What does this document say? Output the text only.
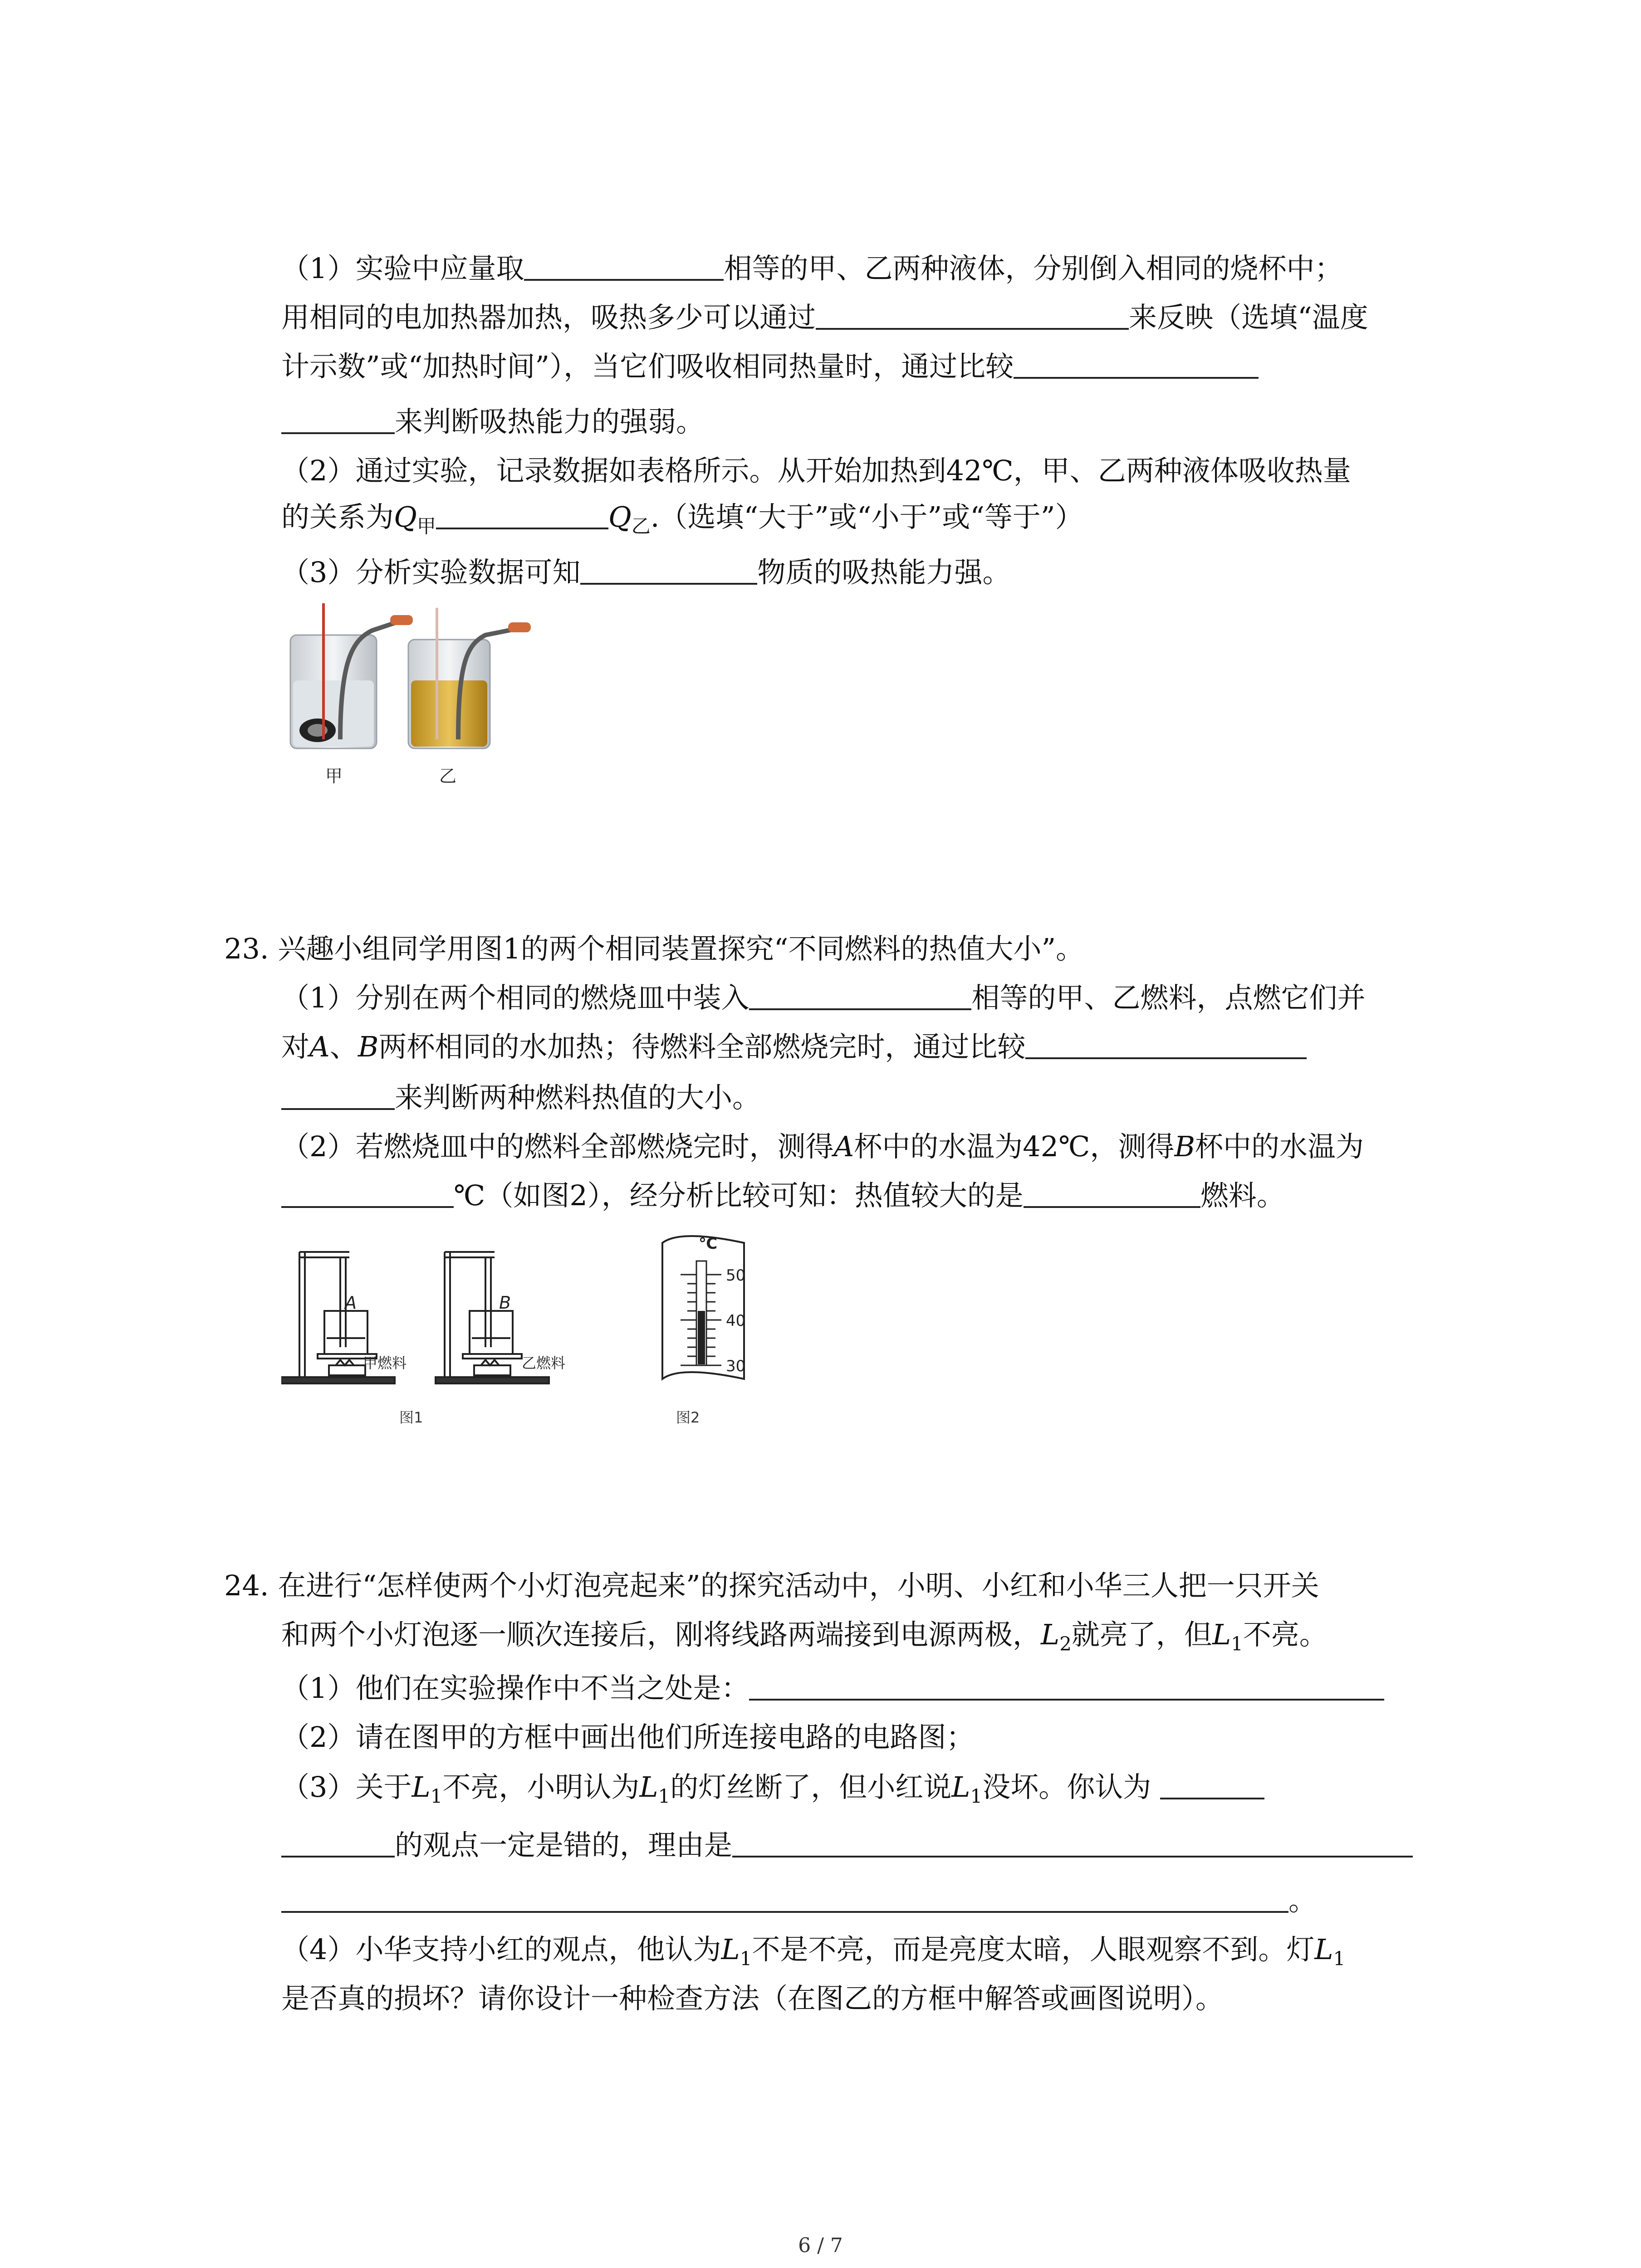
（1）实验中应量取	相等的甲、乙两种液体，分别倒入相同的烧杯中；
用相同的电加热器加热，吸热多少可以通过	来反映（选填“温度
计示数”或“加热时间”），当它们吸收相同热量时，通过比较
来判断吸热能力的强弱。
（2）通过实验，记录数据如表格所示。从开始加热到42℃，甲、乙两种液体吸收热量
的关系为$Q_甲$	$Q_乙$.（选填“大于”或“小于”或“等于”）
（3）分析实验数据可知	物质的吸热能力强。
甲	乙
23. 兴趣小组同学用图1的两个相同装置探究“不同燃料的热值大小”。
（1）分别在两个相同的燃烧皿中装入	相等的甲、乙燃料，点燃它们并
对A、B两杯相同的水加热；待燃料全部燃烧完时，通过比较
来判断两种燃料热值的大小。
（2）若燃烧皿中的燃料全部燃烧完时，测得A杯中的水温为42℃，测得B杯中的水温为
℃（如图2），经分析比较可知：热值较大的是	燃料。
A	B
甲燃料	乙燃料
图1
℃
50
40
30
图2
24. 在进行“怎样使两个小灯泡亮起来”的探究活动中，小明、小红和小华三人把一只开关
和两个小灯泡逐一顺次连接后，刚将线路两端接到电源两极，$L_2$就亮了，但$L_1$不亮。
（1）他们在实验操作中不当之处是：
（2）请在图甲的方框中画出他们所连接电路的电路图；
（3）关于$L_1$不亮，小明认为$L_1$的灯丝断了，但小红说$L_1$没坏。你认为
的观点一定是错的，理由是
。
（4）小华支持小红的观点，他认为$L_1$不是不亮，而是亮度太暗，人眼观察不到。灯$L_1$
是否真的损坏？请你设计一种检查方法（在图乙的方框中解答或画图说明）。
6 / 7
